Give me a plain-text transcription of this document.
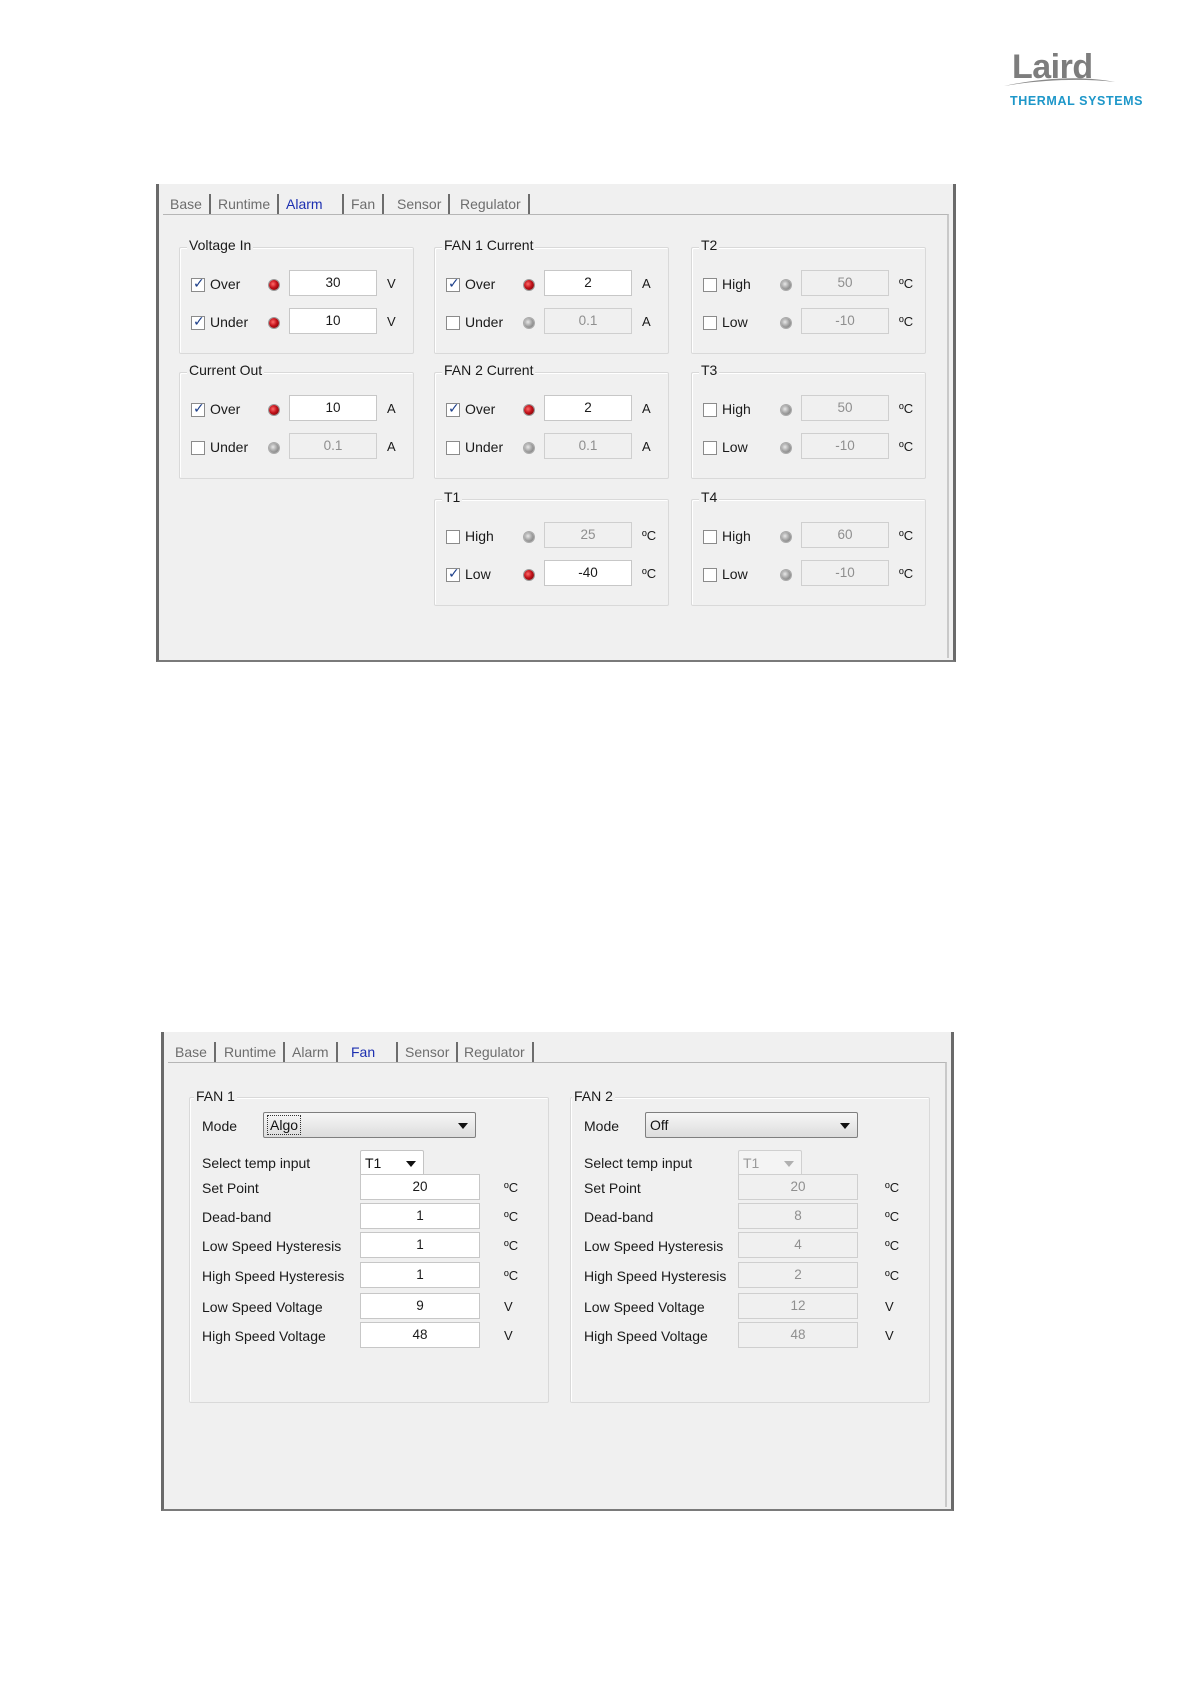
Laird
THERMAL SYSTEMS
Base	Runtime	Alarm	Fan	Sensor	Regulator
Voltage In
✓
Over	30	V
✓
Under	10	V
Current Out
✓
Over	10	A
Under	0.1	A
FAN 1 Current
✓
Over	2	A
Under	0.1	A
FAN 2 Current
✓
Over	2	A
Under	0.1	A
T1
High	25	ºC
✓
Low	-40	ºC
T2
High	50	ºC
Low	-10	ºC
T3
High	50	ºC
Low	-10	ºC
T4
High	60	ºC
Low	-10	ºC
Base	Runtime	Alarm	Fan	Sensor	Regulator
FAN 1
Mode Algo
Select temp input	T1
Set Point	20	ºC
Dead-band	1	ºC
Low Speed Hysteresis	1	ºC
High Speed Hysteresis	1	ºC
Low Speed Voltage	9	V
High Speed Voltage	48	V
FAN 2
Mode Off
Select temp input	T1
Set Point	20	ºC
Dead-band	8	ºC
Low Speed Hysteresis	4	ºC
High Speed Hysteresis	2	ºC
Low Speed Voltage	12	V
High Speed Voltage	48	V
